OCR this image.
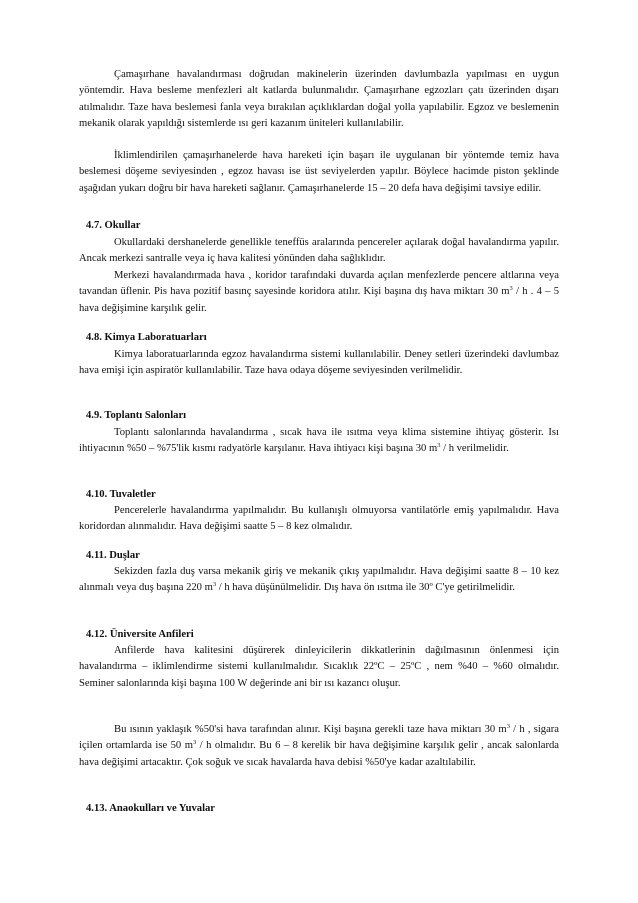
Çamaşırhane havalandırması doğrudan makinelerin üzerinden davlumbazla yapılması en uygun yöntemdir. Hava besleme menfezleri alt katlarda bulunmalıdır. Çamaşırhane egzozları çatı üzerinden dışarı atılmalıdır. Taze hava beslemesi fanla veya bırakılan açıklıklardan doğal yolla yapılabilir. Egzoz ve beslemenin mekanik olarak yapıldığı sistemlerde ısı geri kazanım üniteleri kullanılabilir.

İklimlendirilen çamaşırhanelerde hava hareketi için başarı ile uygulanan bir yöntemde temiz hava beslemesi döşeme seviyesinden , egzoz havası ise üst seviyelerden yapılır. Böylece hacimde piston şeklinde aşağıdan yukarı doğru bir hava hareketi sağlanır. Çamaşırhanelerde 15 – 20 defa hava değişimi tavsiye edilir.

4.7. Okullar

Okullardaki dershanelerde genellikle teneffüs aralarında pencereler açılarak doğal havalandırma yapılır. Ancak merkezi santralle veya iç hava kalitesi yönünden daha sağlıklıdır.

Merkezi havalandırmada hava , koridor tarafındaki duvarda açılan menfezlerde pencere altlarına veya tavandan üflenir. Pis hava pozitif basınç sayesinde koridora atılır. Kişi başına dış hava miktarı 30 $m^3$ / h . 4 – 5 hava değişimine karşılık gelir.

4.8. Kimya Laboratuarları

Kimya laboratuarlarında egzoz havalandırma sistemi kullanılabilir. Deney setleri üzerindeki davlumbaz hava emişi için aspiratör kullanılabilir. Taze hava odaya döşeme seviyesinden verilmelidir.

4.9. Toplantı Salonları

Toplantı salonlarında havalandırma , sıcak hava ile ısıtma veya klima sistemine ihtiyaç gösterir. Isı ihtiyacının %50 – %75'lik kısmı radyatörle karşılanır. Hava ihtiyacı kişi başına 30 $m^3$ / h verilmelidir.

4.10. Tuvaletler

Pencerelerle havalandırma yapılmalıdır. Bu kullanışlı olmuyorsa vantilatörle emiş yapılmalıdır. Hava koridordan alınmalıdır. Hava değişimi saatte 5 – 8 kez olmalıdır.

4.11. Duşlar

Sekizden fazla duş varsa mekanik giriş ve mekanik çıkış yapılmalıdır. Hava değişimi saatte 8 – 10 kez alınmalı veya duş başına 220 $m^3$ / h hava düşünülmelidir. Dış hava ön ısıtma ile 30º C'ye getirilmelidir.

4.12. Üniversite Anfileri

Anfilerde hava kalitesini düşürerek dinleyicilerin dikkatlerinin dağılmasının önlenmesi için havalandırma – iklimlendirme sistemi kullanılmalıdır. Sıcaklık 22ºC – 25ºC , nem %40 – %60 olmalıdır. Seminer salonlarında kişi başına 100 W değerinde ani bir ısı kazancı oluşur.

Bu ısının yaklaşık %50'si hava tarafından alınır. Kişi başına gerekli taze hava miktarı 30 $m^3$ / h , sigara içilen ortamlarda ise 50 $m^3$ / h olmalıdır. Bu 6 – 8 kerelik bir hava değişimine karşılık gelir , ancak salonlarda hava değişimi artacaktır. Çok soğuk ve sıcak havalarda hava debisi %50'ye kadar azaltılabilir.

4.13. Anaokulları ve Yuvalar
